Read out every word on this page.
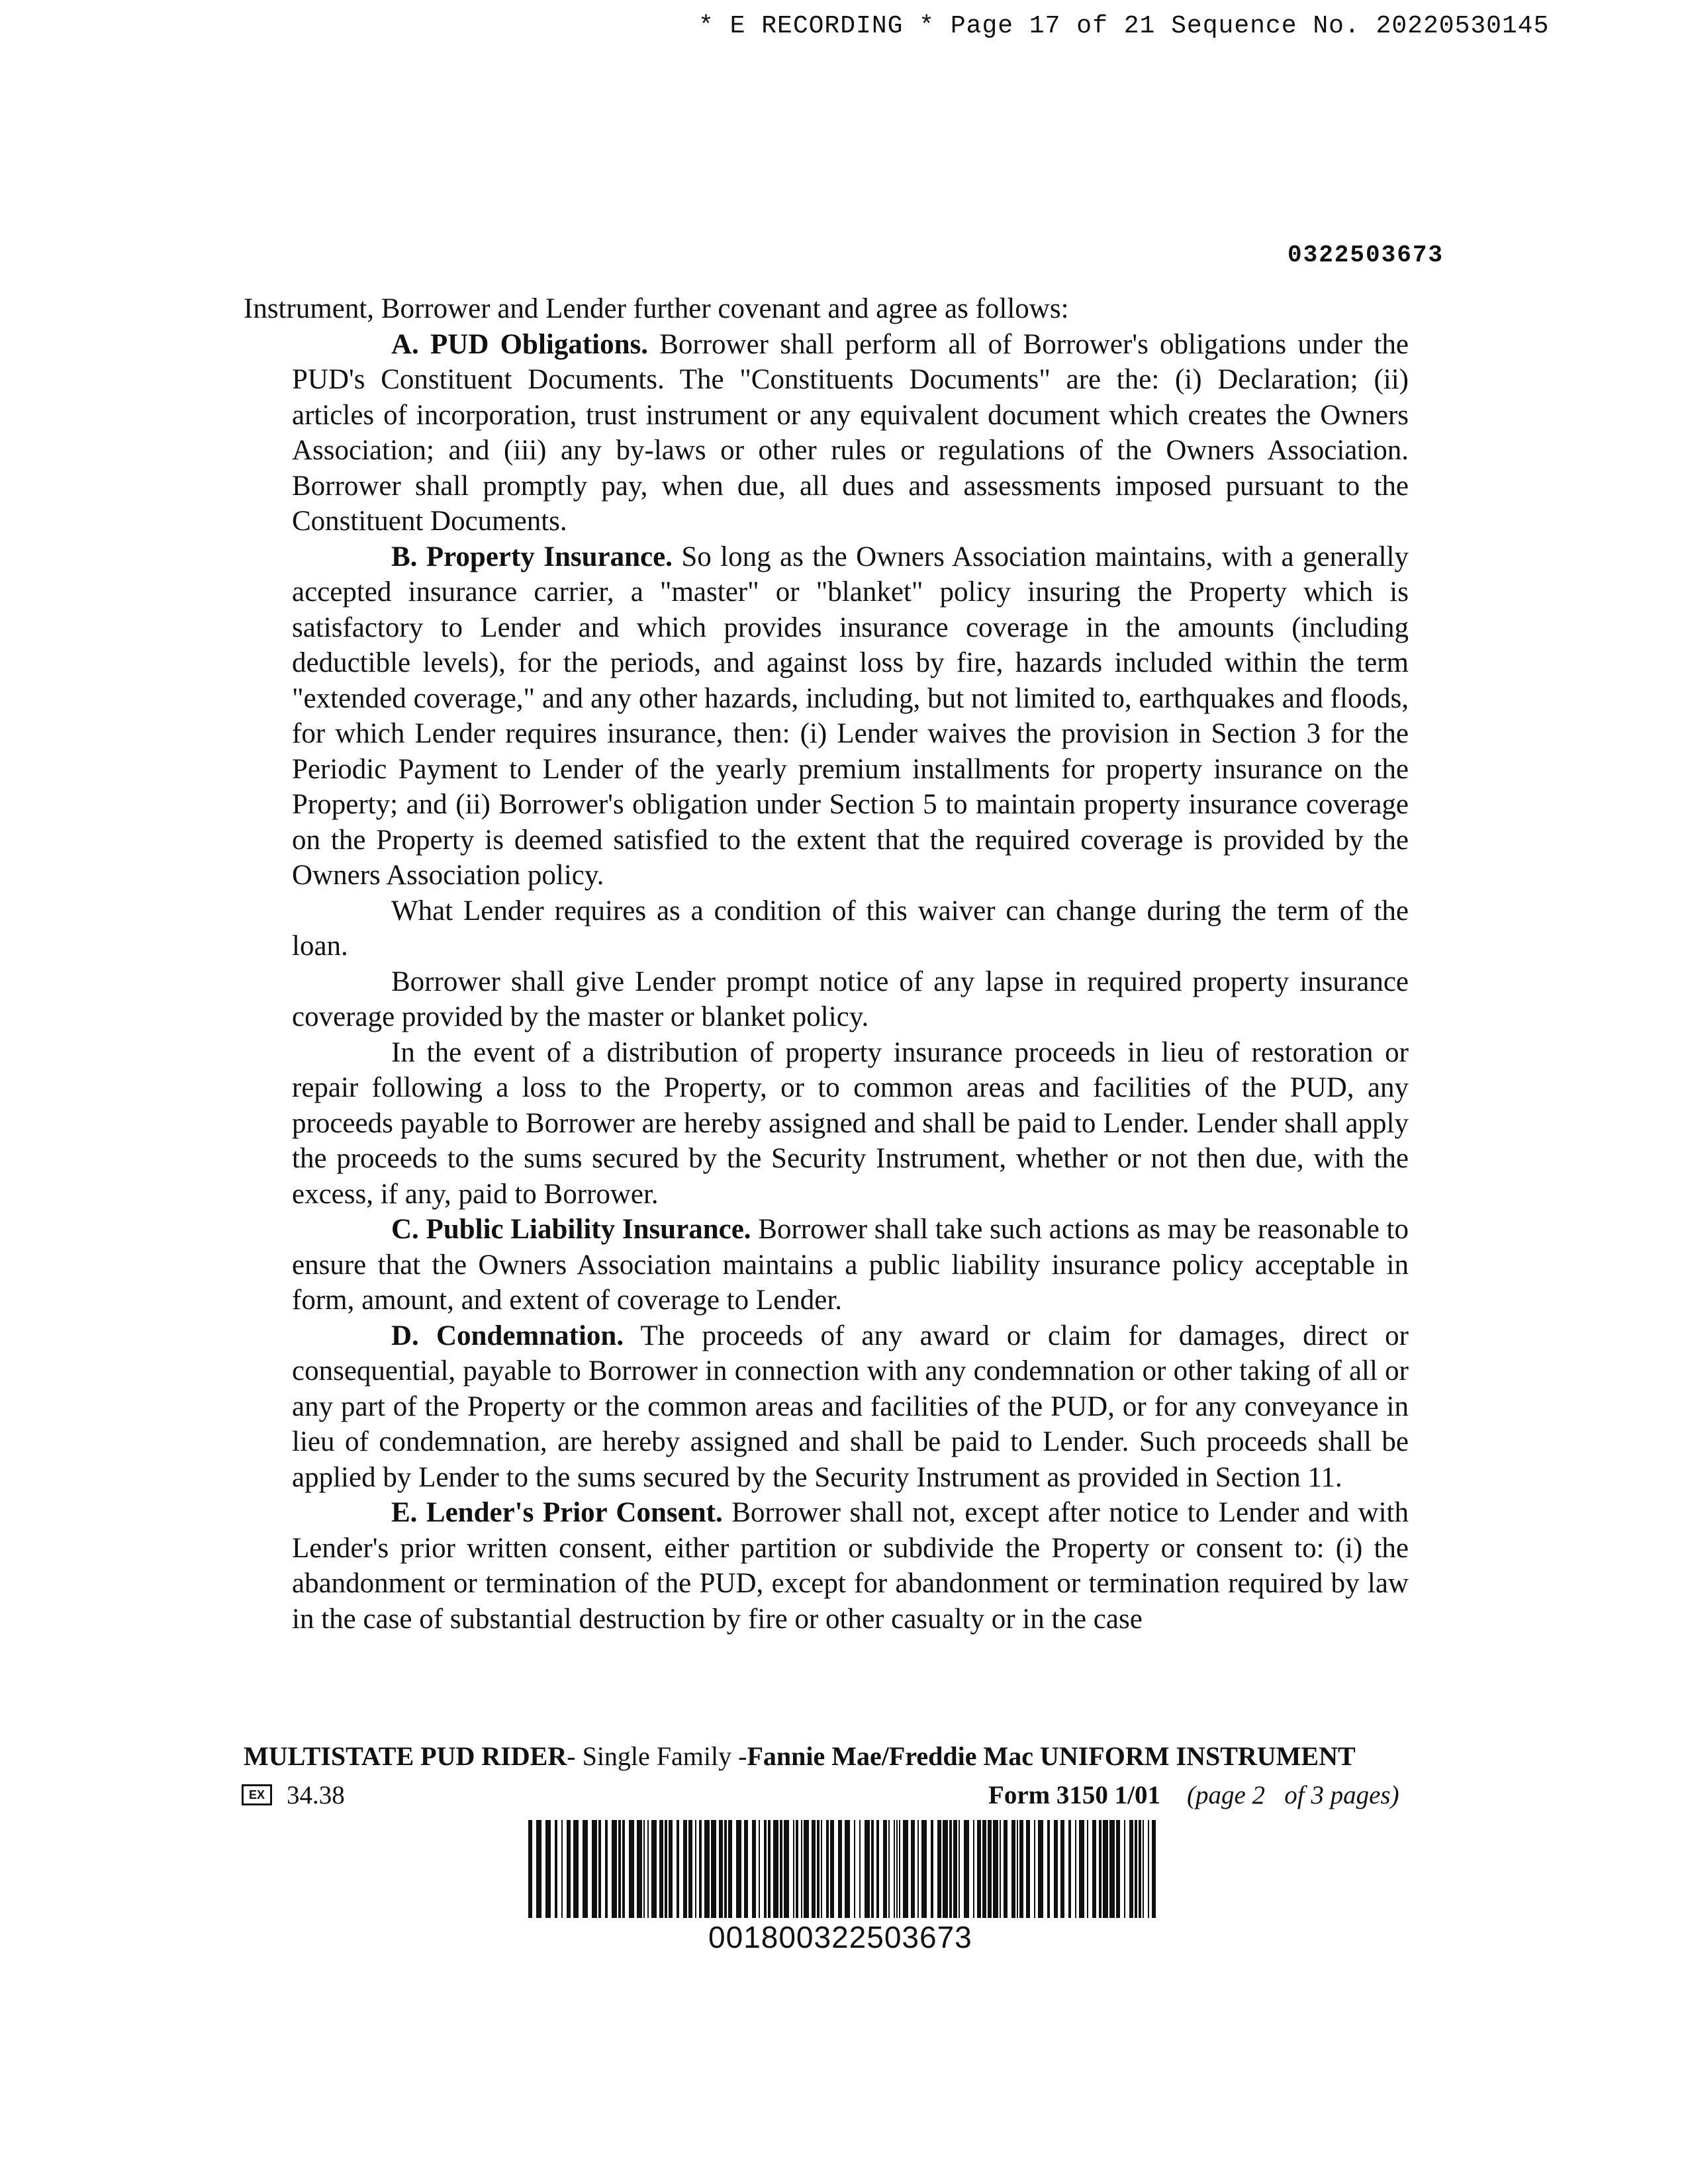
* E RECORDING * Page 17 of 21 Sequence No. 20220530145
0322503673

Instrument, Borrower and Lender further covenant and agree as follows:

A. PUD Obligations. Borrower shall perform all of Borrower's obligations under the PUD's Constituent Documents. The "Constituents Documents" are the: (i) Declaration; (ii) articles of incorporation, trust instrument or any equivalent document which creates the Owners Association; and (iii) any by-laws or other rules or regulations of the Owners Association. Borrower shall promptly pay, when due, all dues and assessments imposed pursuant to the Constituent Documents.

B. Property Insurance. So long as the Owners Association maintains, with a generally accepted insurance carrier, a "master" or "blanket" policy insuring the Property which is satisfactory to Lender and which provides insurance coverage in the amounts (including deductible levels), for the periods, and against loss by fire, hazards included within the term "extended coverage," and any other hazards, including, but not limited to, earthquakes and floods, for which Lender requires insurance, then: (i) Lender waives the provision in Section 3 for the Periodic Payment to Lender of the yearly premium installments for property insurance on the Property; and (ii) Borrower's obligation under Section 5 to maintain property insurance coverage on the Property is deemed satisfied to the extent that the required coverage is provided by the Owners Association policy.

What Lender requires as a condition of this waiver can change during the term of the loan.

Borrower shall give Lender prompt notice of any lapse in required property insurance coverage provided by the master or blanket policy.

In the event of a distribution of property insurance proceeds in lieu of restoration or repair following a loss to the Property, or to common areas and facilities of the PUD, any proceeds payable to Borrower are hereby assigned and shall be paid to Lender. Lender shall apply the proceeds to the sums secured by the Security Instrument, whether or not then due, with the excess, if any, paid to Borrower.

C. Public Liability Insurance. Borrower shall take such actions as may be reasonable to ensure that the Owners Association maintains a public liability insurance policy acceptable in form, amount, and extent of coverage to Lender.

D. Condemnation. The proceeds of any award or claim for damages, direct or consequential, payable to Borrower in connection with any condemnation or other taking of all or any part of the Property or the common areas and facilities of the PUD, or for any conveyance in lieu of condemnation, are hereby assigned and shall be paid to Lender. Such proceeds shall be applied by Lender to the sums secured by the Security Instrument as provided in Section 11.

E. Lender's Prior Consent. Borrower shall not, except after notice to Lender and with Lender's prior written consent, either partition or subdivide the Property or consent to: (i) the abandonment or termination of the PUD, except for abandonment or termination required by law in the case of substantial destruction by fire or other casualty or in the case

MULTISTATE PUD RIDER- Single Family -Fannie Mae/Freddie Mac UNIFORM INSTRUMENT
EX 34.38	Form 3150 1/01 (page 2   of 3 pages)
001800322503673
